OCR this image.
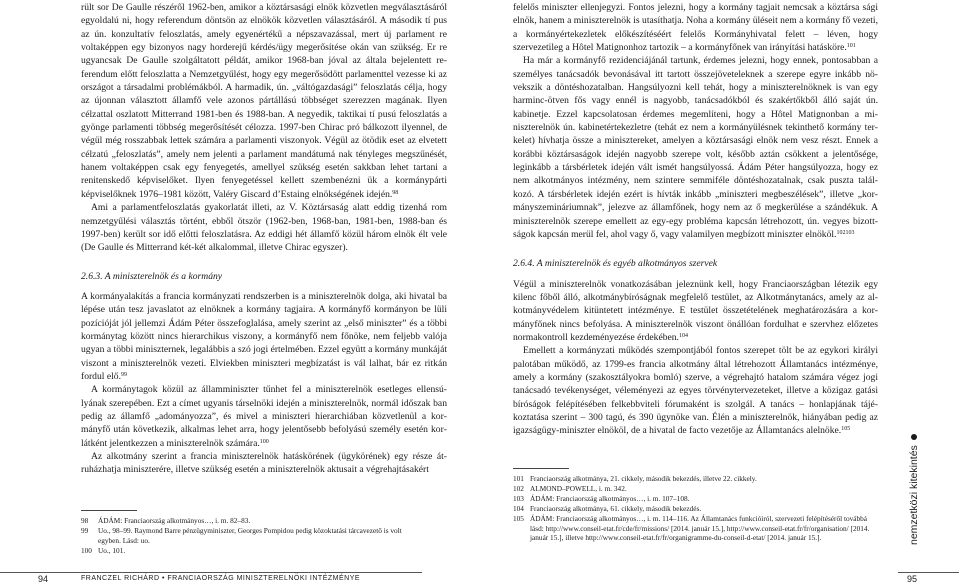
rült sor De Gaulle részéről 1962-ben, amikor a köztársasági elnök közvetlen megválasztásáról egyoldalú ni, hogy referendum döntsön az elnökök közvetlen választásáról. A második tí pus az ún. konzultatív feloszlatás, amely egyenértékű a népszavazással, mert új parlament re voltaképpen egy bizonyos nagy horderejű kérdés/ügy megerősítése okán van szükség. Er re ugyancsak De Gaulle szolgáltatott példát, amikor 1968-ban jóval az általa bejelentett re ferendum előtt feloszlatta a Nemzetgyűlést, hogy egy megerősödött parlamenttel vezesse ki az országot a társadalmi problémákból. A harmadik, ún. „váltógazdasági” feloszlatás célja, hogy az újonnan választott államfő vele azonos pártállású többséget szerezzen magának. Ilyen célzattal oszlatott Mitterrand 1981-ben és 1988-ban. A negyedik, taktikai tí pusú feloszlatás a gyönge parlamenti többség megerősítését célozza. 1997-ben Chirac pró bálkozott ilyennel, de végül még rosszabbak lettek számára a parlamenti viszonyok. Végül az ötödik eset az elvetett célzatú „feloszlatás”, amely nem jelenti a parlament mandátumá nak tényleges megszűnését, hanem voltaképpen csak egy fenyegetés, amellyel szükség esetén sakkban lehet tartani a renitenskedő képviselőket. Ilyen fenyegetéssel kellett szembenézni ük a kormánypárti képviselőknek 1976–1981 között, Valéry Giscard d’Estaing elnökségének idején.$^{98}$

Ami a parlamentfeloszlatás gyakorlatát illeti, az V. Köztársaság alatt eddig tizenhá rom nemzetgyűlési választás történt, ebből ötször (1962-ben, 1968-ban, 1981-ben, 1988-ban és 1997-ben) került sor idő előtti feloszlatásra. Az eddigi hét államfő közül három elnök élt vele (De Gaulle és Mitterrand két-két alkalommal, illetve Chirac egyszer).

2.6.3. A miniszterelnök és a kormány

A kormányalakítás a francia kormányzati rendszerben is a miniszterelnök dolga, aki hivatal ba lépése után tesz javaslatot az elnöknek a kormány tagjaira. A kormányfő kormányon be lüli pozícióját jól jellemzi Ádám Péter összefoglalása, amely szerint az „első miniszter” és a többi kormánytag között nincs hierarchikus viszony, a kormányfő nem főnöke, nem feljebb valója ugyan a többi miniszternek, legalábbis a szó jogi értelmében. Ezzel együtt a kormány munkáját viszont a miniszterelnök vezeti. Elviekben miniszteri megbízatást is vál lalhat, bár ez ritkán fordul elő.$^{99}$

A kormánytagok közül az államminiszter tűnhet fel a miniszterelnök esetleges ellensú lyának szerepében. Ezt a címet ugyanis társelnöki idején a miniszterelnök, normál időszak ban pedig az államfő „adományozza”, és mivel a miniszteri hierarchiában közvetlenül a kor mányfő után következik, alkalmas lehet arra, hogy jelentősebb befolyású személy esetén kor látként jelentkezzen a miniszterelnök számára.$^{100}$

Az alkotmány szerint a francia miniszterelnök hatáskörének (ügykörének) egy része át ruházhatja miniszterére, illetve szükség esetén a miniszterelnök aktusait a végrehajtásakért

felelős miniszter ellenjegyzi. Fontos jelezni, hogy a kormány tagjait nemcsak a köztársa sági elnök, hanem a miniszterelnök is utasíthatja. Noha a kormány üléseit nem a kormány fő vezeti, a kormányértekezletek előkészítéséért felelős Kormányhivatal felett – léven, hogy szervezetileg a Hôtel Matignonhoz tartozik – a kormányfőnek van irányítási hatásköre.$^{101}$

Ha már a kormányfő rezidenciájánál tartunk, érdemes jelezni, hogy ennek, pontosabban a személyes tanácsadók bevonásával itt tartott összejöveteleknek a szerepe egyre inkább nö vekszik a döntéshozatalban. Hangsúlyozni kell tehát, hogy a miniszterelnöknek is van egy harminc-ötven fős vagy ennél is nagyobb, tanácsadókból és szakértőkből álló saját ún. kabinetje. Ezzel kapcsolatosan érdemes megemlíteni, hogy a Hôtel Matignonban a mi niszterelnök ún. kabinetértekezletre (tehát ez nem a kormányülésnek tekinthető kormány ter kelet) hívhatja össze a minisztereket, amelyen a köztársasági elnök nem vesz részt. Ennek a korábbi köztársaságok idején nagyobb szerepe volt, később aztán csökkent a jelentősége, leginkább a társbérletek idején vált ismét hangsúlyossá. Ádám Péter hangsúlyozza, hogy ez nem alkotmányos intézmény, nem szintere semmiféle döntéshozatalnak, csak puszta talál kozó. A társbérletek idején ezért is hívták inkább „miniszteri megbeszélések”, illetve „kor mányszemináriumnak”, jelezve az államfőnek, hogy nem az ő megkerülése a szándékuk. A miniszterelnök szerepe emellett az egy-egy probléma kapcsán létrehozott, ún. vegyes bizott ságok kapcsán merül fel, ahol vagy ő, vagy valamilyen megbízott miniszter elnököl.$^{102103}$

2.6.4. A miniszterelnök és egyéb alkotmányos szervek

Végül a miniszterelnök vonatkozásában jeleznünk kell, hogy Franciaországban létezik egy kilenc főből álló, alkotmánybíróságnak megfelelő testület, az Alkotmánytanács, amely az al kotmányvédelem kitüntetett intézménye. E testület összetételének meghatározására a kor mányfőnek nincs befolyása. A miniszterelnök viszont önállóan fordulhat e szervhez előzetes normakontroll kezdeményezése érdekében.$^{104}$

Emellett a kormányzati működés szempontjából fontos szerepet tölt be az egykori királyi palotában működő, az 1799-es francia alkotmány által létrehozott Államtanács intézménye, amely a kormány (szakosztályokra bomló) szerve, a végrehajtó hatalom számára végez jogi tanácsadó tevékenységet, véleményezi az egyes törvénytervezeteket, illetve a közigaz gatási bíróságok felépítésében felkebbviteli fórumaként is szolgál. A tanács – honlapjának tájé koztatása szerint – 300 tagú, és 390 ügynöke van. Élén a miniszterelnök, hiányában pedig az igazságügy-miniszter elnököl, de a hivatal de facto vezetője az Államtanács alelnöke.$^{105}$

98	ÁDÁM: Franciaország alkotmányos…, i. m. 82–83.
99	Uo., 98–99. Raymond Barre pénzügyminiszter, Georges Pompidou pedig közoktatási tárcavezető is volt egyben. Lásd: uo.
100 Uo., 101.
101 Franciaország alkotmánya, 21. cikkely, második bekezdés, illetve 22. cikkely.
102 ALMOND–POWELL, i. m. 342.
103 ÁDÁM: Franciaország alkotmányos…, i. m. 107–108.
104 Franciaország alkotmánya, 61. cikkely, második bekezdés.
105 ÁDÁM: Franciaország alkotmányos…, i. m. 114–116. Az Államtanács funkcióiról, szervezeti felépítéséről továbbá lásd: http://www.conseil-etat.fr/cde/fr/missions/ [2014. január 15.], http://www.conseil-etat.fr/fr/organisation/ [2014. január 15.], illetve http://www.conseil-etat.fr/fr/organigramme-du-conseil-d-etat/ [2014. január 15.].
94	FRANCZEL RICHÁRD • FRANCIAORSZÁG MINISZTERELNÖKI INTÉZMÉNYE	95
nemzetközi kitekintés
